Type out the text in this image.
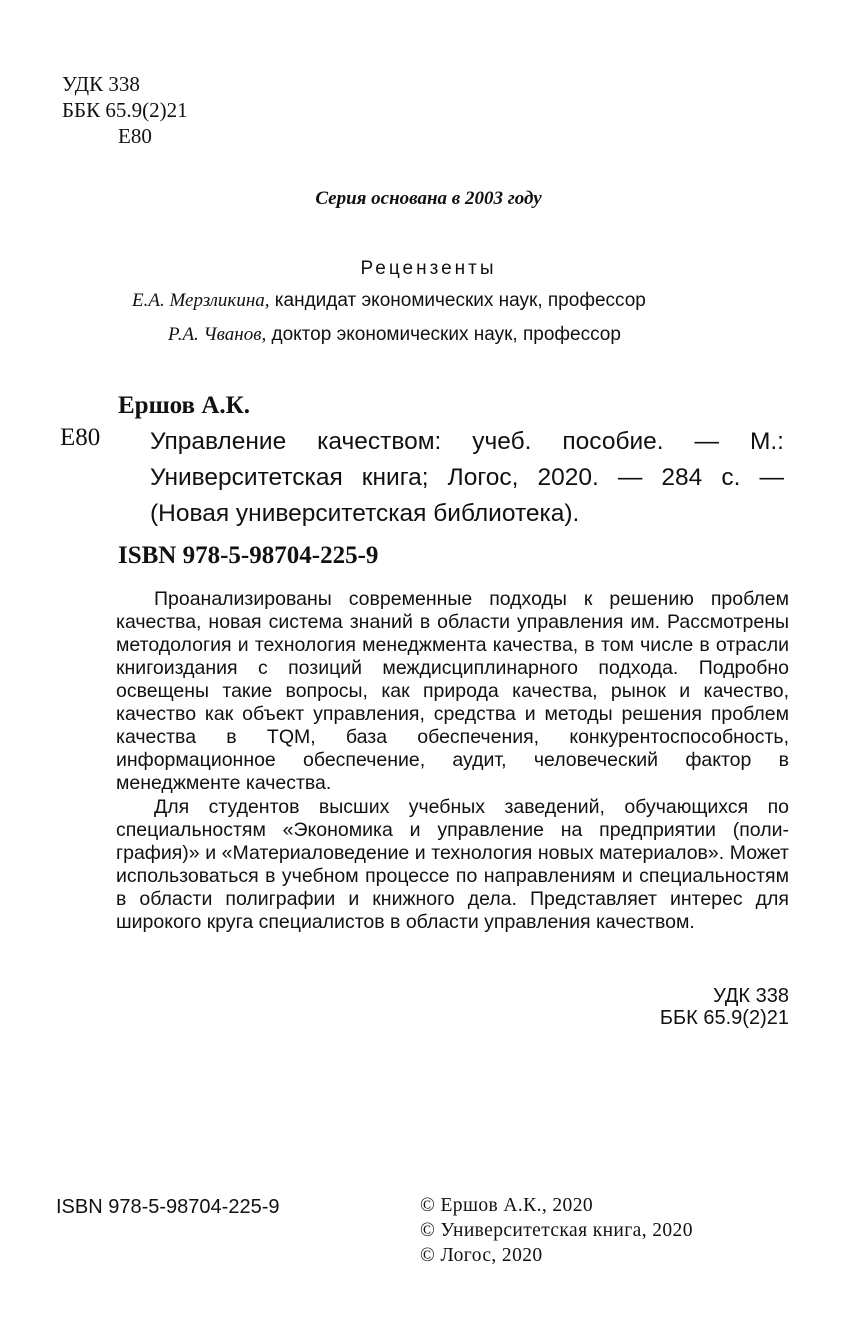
УДК 338
ББК 65.9(2)21
Е80
Серия основана в 2003 году
Рецензенты
Е.А. Мерзликина, кандидат экономических наук, профессор
Р.А. Чванов, доктор экономических наук, профессор
Ершов А.К.
Е80 Управление качеством: учеб. пособие. — М.: Университетская книга; Логос, 2020. — 284 с. — (Новая университетская библиотека).
ISBN 978-5-98704-225-9

Проанализированы современные подходы к решению проблем качества, новая система знаний в области управления им. Рассмотрены методология и технология менеджмента качества, в том числе в отрасли книгоиздания с позиций междисциплинарного подхода. Подробно освещены такие вопросы, как природа качества, рынок и качество, качество как объект управления, средства и методы решения проблем качества в TQM, база обеспечения, конкурентоспособность, информационное обеспечение, аудит, человеческий фактор в менеджменте качества.

Для студентов высших учебных заведений, обучающихся по специальностям «Экономика и управление на предприятии (поли-графия)» и «Материаловедение и технология новых материалов». Может использоваться в учебном процессе по направлениям и специальностям в области полиграфии и книжного дела. Представляет интерес для широкого круга специалистов в области управления качеством.

УДК 338
ББК 65.9(2)21
ISBN 978-5-98704-225-9	© Ершов А.К., 2020
© Университетская книга, 2020
© Логос, 2020
